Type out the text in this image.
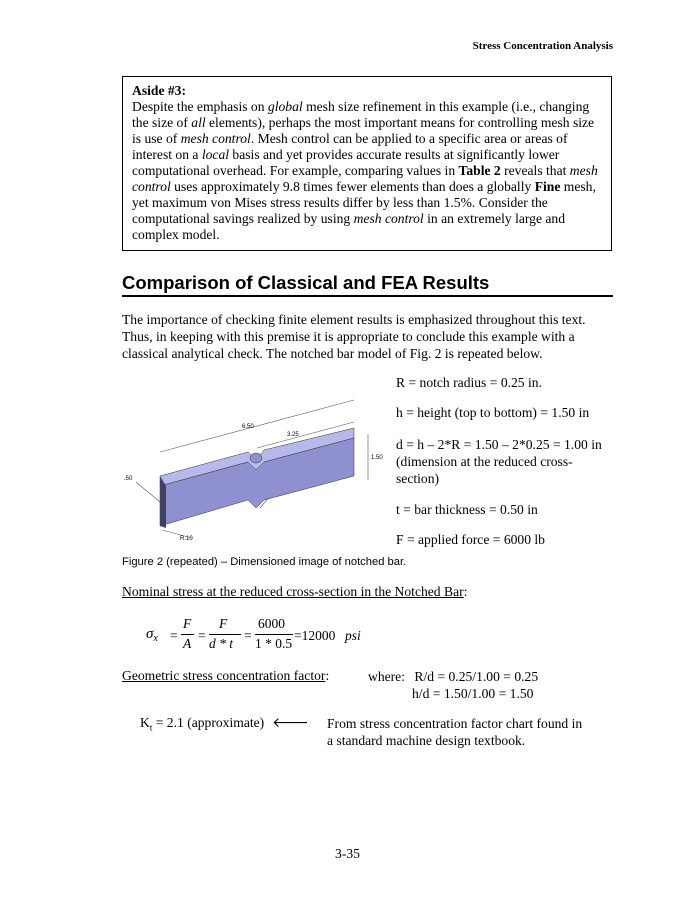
Stress Concentration Analysis
Aside #3:

Despite the emphasis on global mesh size refinement in this example (i.e., changing the size of all elements), perhaps the most important means for controlling mesh size is use of mesh control. Mesh control can be applied to a specific area or areas of interest on a local basis and yet provides accurate results at significantly lower computational overhead. For example, comparing values in Table 2 reveals that mesh control uses approximately 9.8 times fewer elements than does a globally Fine mesh, yet maximum von Mises stress results differ by less than 1.5%. Consider the computational savings realized by using mesh control in an extremely large and complex model.

Comparison of Classical and FEA Results

The importance of checking finite element results is emphasized throughout this text. Thus, in keeping with this premise it is appropriate to conclude this example with a classical analytical check. The notched bar model of Fig. 2 is repeated below.

R = notch radius = 0.25 in.
h = height (top to bottom) = 1.50 in
d = h – 2*R = 1.50 – 2*0.25 = 1.00 in
(dimension at the reduced cross-
section)
t = bar thickness = 0.50 in
F = applied force = 6000 lb
6.50
3.25
1.50
.50
R.10
Figure 2 (repeated) – Dimensioned image of notched bar.
Nominal stress at the reduced cross-section in the Notched Bar:
$\sigma_x$ =
F
A
=
F
d * t
=
6000
1 * 0.5
=12000 psi
Geometric stress concentration factor:	where: R/d = 0.25/1.00 = 0.25
h/d = 1.50/1.00 = 1.50
$K_t = 2.1$ (approximate) 🡐 From stress concentration factor chart found in a standard machine design textbook.
3-35
